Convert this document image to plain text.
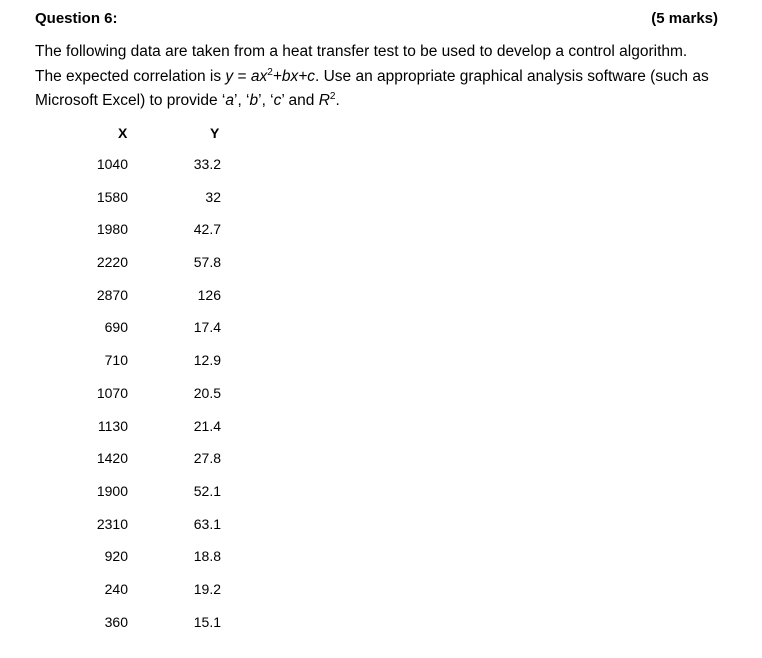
Question 6:	(5 marks)
The following data are taken from a heat transfer test to be used to develop a control algorithm.
The expected correlation is $y = ax^2+bx+c$. Use an appropriate graphical analysis software (such as
Microsoft Excel) to provide ‘a’, ‘b’, ‘c’ and $R^2$.
X	Y
1040	33.2
1580	32
1980	42.7
2220	57.8
2870	126
690	17.4
710	12.9
1070	20.5
1130	21.4
1420	27.8
1900	52.1
2310	63.1
920	18.8
240	19.2
360	15.1
